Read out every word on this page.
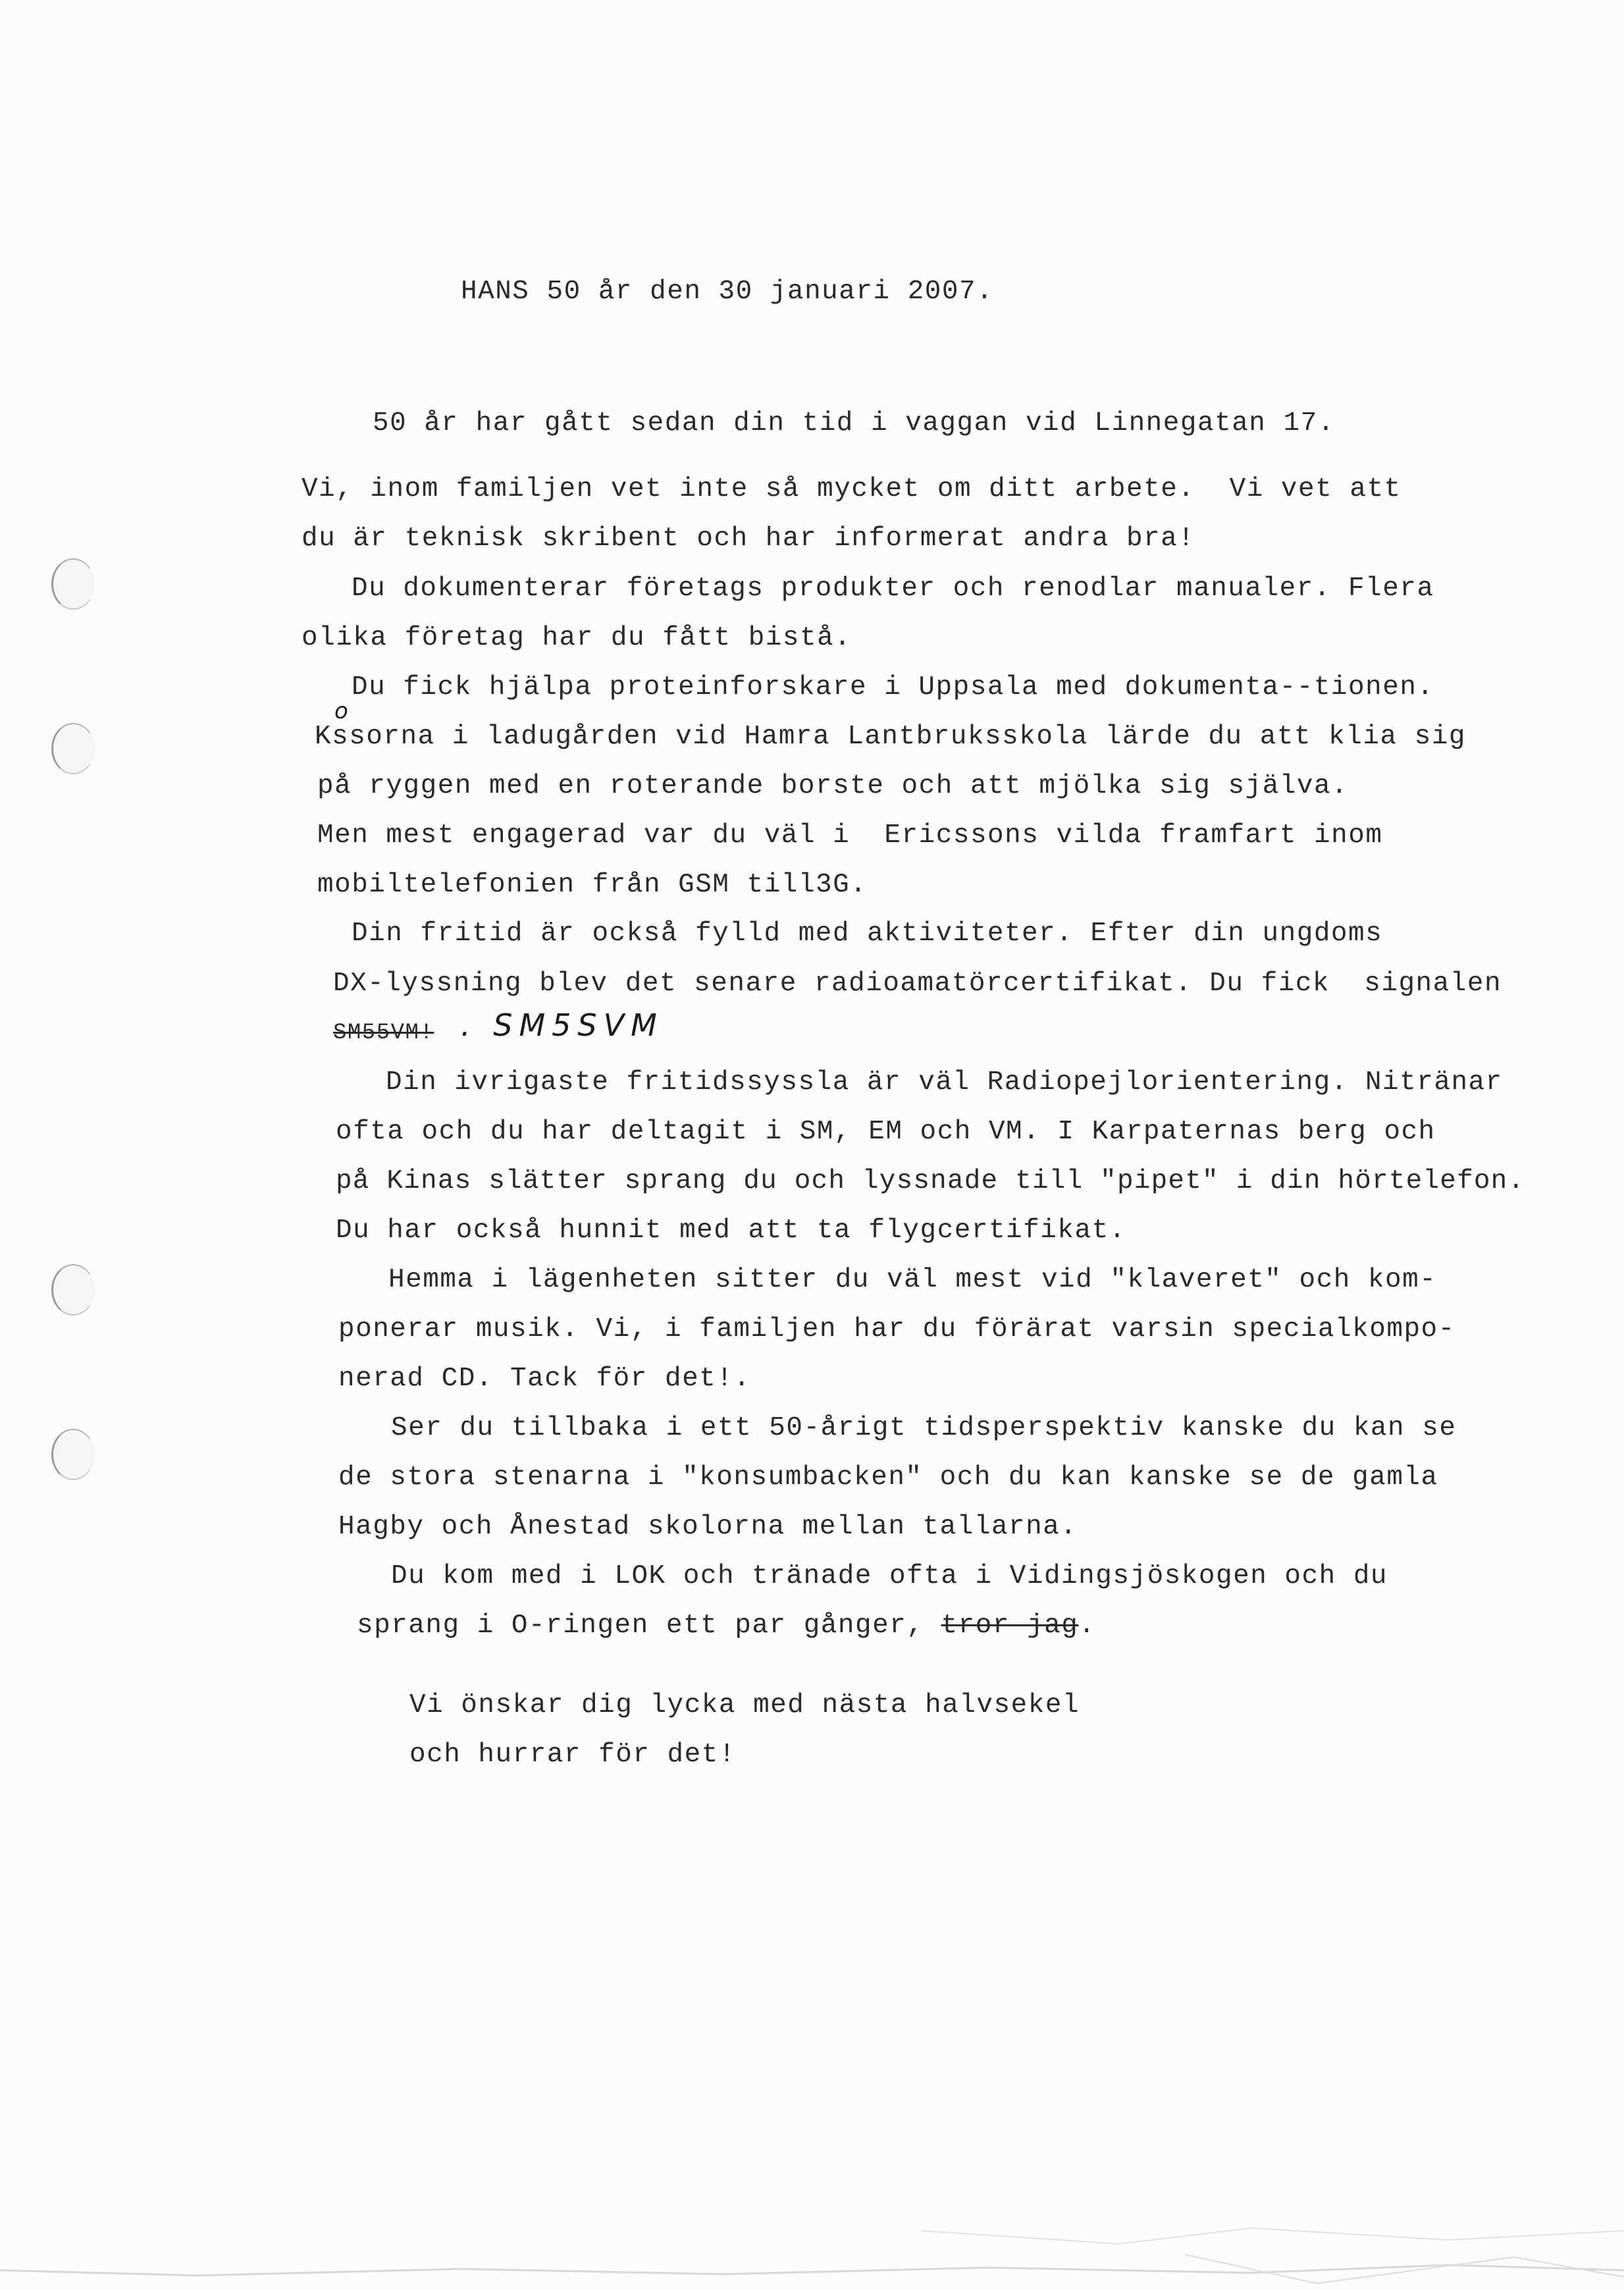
HANS 50 år den 30 januari 2007.
50 år har gått sedan din tid i vaggan vid Linnegatan 17.
Vi, inom familjen vet inte så mycket om ditt arbete.  Vi vet att
du är teknisk skribent och har informerat andra bra!
Du dokumenterar företags produkter och renodlar manualer. Flera
olika företag har du fått bistå.
Du fick hjälpa proteinforskare i Uppsala med dokumenta--tionen.
o
Kssorna i ladugården vid Hamra Lantbruksskola lärde du att klia sig
på ryggen med en roterande borste och att mjölka sig själva.
Men mest engagerad var du väl i  Ericssons vilda framfart inom
mobiltelefonien från GSM till3G.
Din fritid är också fylld med aktiviteter. Efter din ungdoms
DX-lyssning blev det senare radioamatörcertifikat. Du fick  signalen
SM55VM! . SM5SVM
Din ivrigaste fritidssyssla är väl Radiopejlorientering. Nitränar
ofta och du har deltagit i SM, EM och VM. I Karpaternas berg och
på Kinas slätter sprang du och lyssnade till "pipet" i din hörtelefon.
Du har också hunnit med att ta flygcertifikat.
Hemma i lägenheten sitter du väl mest vid "klaveret" och kom-
ponerar musik. Vi, i familjen har du förärat varsin specialkompo-
nerad CD. Tack för det!.
Ser du tillbaka i ett 50-årigt tidsperspektiv kanske du kan se
de stora stenarna i "konsumbacken" och du kan kanske se de gamla
Hagby och Ånestad skolorna mellan tallarna.
Du kom med i LOK och tränade ofta i Vidingsjöskogen och du
sprang i O-ringen ett par gånger, tror jag.
Vi önskar dig lycka med nästa halvsekel
och hurrar för det!
